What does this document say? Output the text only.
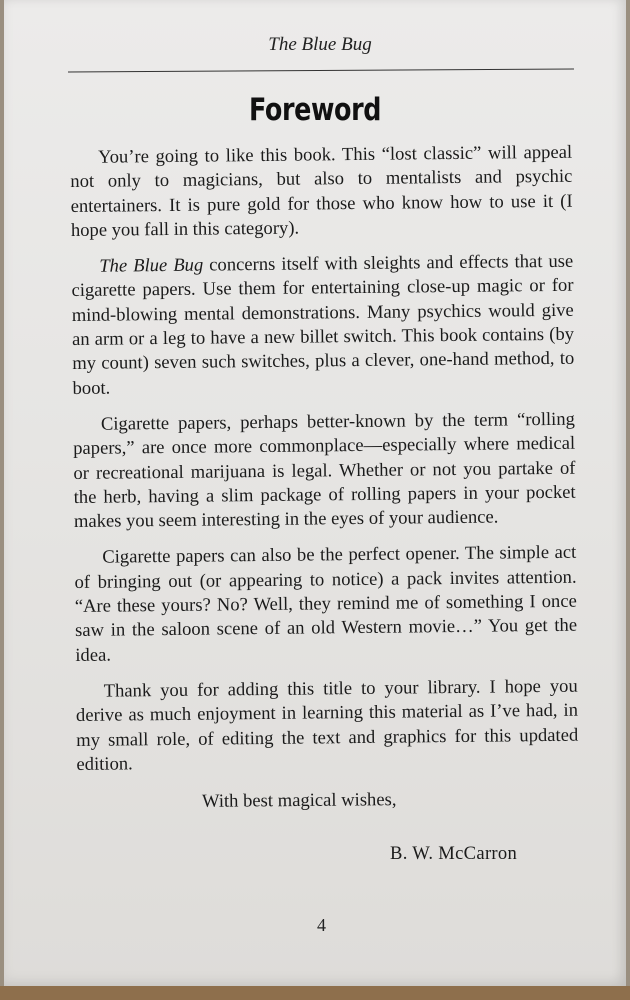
The Blue Bug
Foreword

You’re going to like this book. This “lost classic” will appeal not only to magicians, but also to mentalists and psychic entertainers. It is pure gold for those who know how to use it (I hope you fall in this category).

The Blue Bug concerns itself with sleights and effects that use cigarette papers. Use them for entertaining close-up magic or for mind-blowing mental demonstrations. Many psychics would give an arm or a leg to have a new billet switch. This book contains (by my count) seven such switches, plus a clever, one-hand method, to boot.

Cigarette papers, perhaps better-known by the term “rolling papers,” are once more commonplace—especially where medical or recreational marijuana is legal. Whether or not you partake of the herb, having a slim package of rolling papers in your pocket makes you seem interesting in the eyes of your audience.

Cigarette papers can also be the perfect opener. The simple act of bringing out (or appearing to notice) a pack invites attention. “Are these yours? No? Well, they remind me of something I once saw in the saloon scene of an old Western movie…” You get the idea.

Thank you for adding this title to your library. I hope you derive as much enjoyment in learning this material as I’ve had, in my small role, of editing the text and graphics for this updated edition.

With best magical wishes,
B. W. McCarron
4
